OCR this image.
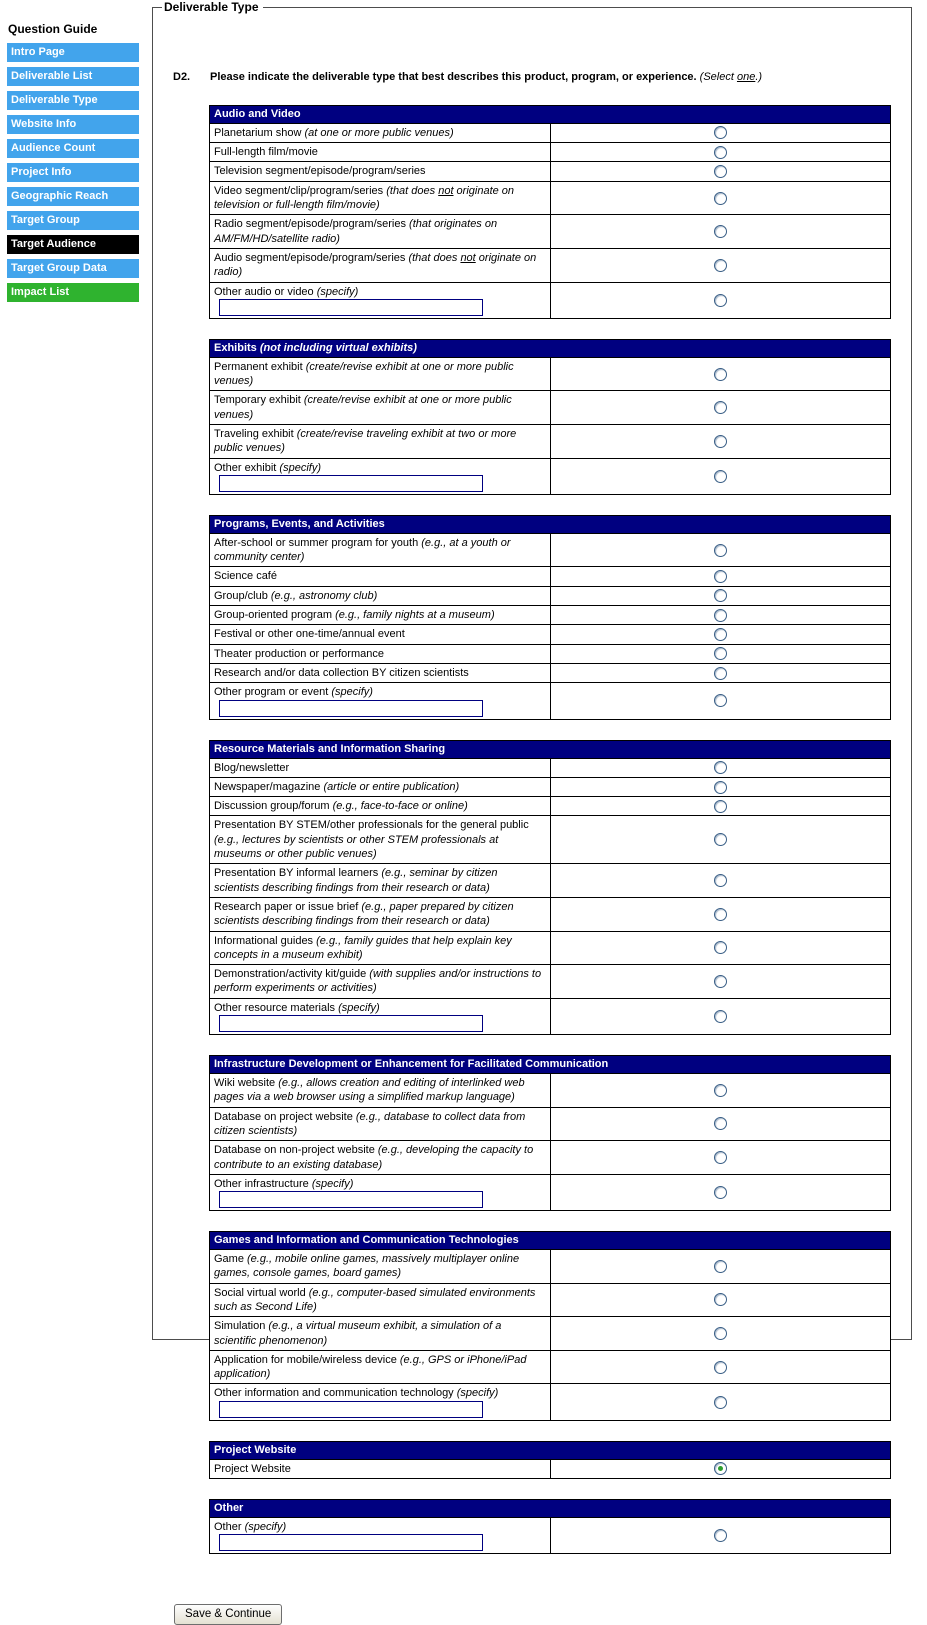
Question Guide
Intro Page
Deliverable List
Deliverable Type
Website Info
Audience Count
Project Info
Geographic Reach
Target Group
Target Audience
Target Group Data
Impact List
Deliverable Type
D2.	Please indicate the deliverable type that best describes this product, program, or experience. (Select one.)
Audio and Video	
Planetarium show (at one or more public venues)	
Full-length film/movie	
Television segment/episode/program/series	
Video segment/clip/program/series (that does not originate on television or full-length film/movie)	
Radio segment/episode/program/series (that originates on AM/FM/HD/satellite radio)	
Audio segment/episode/program/series (that does not originate on radio)	
Other audio or video (specify)	
Exhibits (not including virtual exhibits)	
Permanent exhibit (create/revise exhibit at one or more public venues)	
Temporary exhibit (create/revise exhibit at one or more public venues)	
Traveling exhibit (create/revise traveling exhibit at two or more public venues)	
Other exhibit (specify)	
Programs, Events, and Activities	
After-school or summer program for youth (e.g., at a youth or community center)	
Science café	
Group/club (e.g., astronomy club)	
Group-oriented program (e.g., family nights at a museum)	
Festival or other one-time/annual event	
Theater production or performance	
Research and/or data collection BY citizen scientists	
Other program or event (specify)	
Resource Materials and Information Sharing	
Blog/newsletter	
Newspaper/magazine (article or entire publication)	
Discussion group/forum (e.g., face-to-face or online)	
Presentation BY STEM/other professionals for the general public (e.g., lectures by scientists or other STEM professionals at museums or other public venues)	
Presentation BY informal learners (e.g., seminar by citizen scientists describing findings from their research or data)	
Research paper or issue brief (e.g., paper prepared by citizen scientists describing findings from their research or data)	
Informational guides (e.g., family guides that help explain key concepts in a museum exhibit)	
Demonstration/activity kit/guide (with supplies and/or instructions to perform experiments or activities)	
Other resource materials (specify)	
Infrastructure Development or Enhancement for Facilitated Communication	
Wiki website (e.g., allows creation and editing of interlinked web pages via a web browser using a simplified markup language)	
Database on project website (e.g., database to collect data from citizen scientists)	
Database on non-project website (e.g., developing the capacity to contribute to an existing database)	
Other infrastructure (specify)	
Games and Information and Communication Technologies	
Game (e.g., mobile online games, massively multiplayer online games, console games, board games)	
Social virtual world (e.g., computer-based simulated environments such as Second Life)	
Simulation (e.g., a virtual museum exhibit, a simulation of a scientific phenomenon)	
Application for mobile/wireless device (e.g., GPS or iPhone/iPad application)	
Other information and communication technology (specify)	
Project Website
Project Website	
Other
Other (specify)	
Save & Continue
